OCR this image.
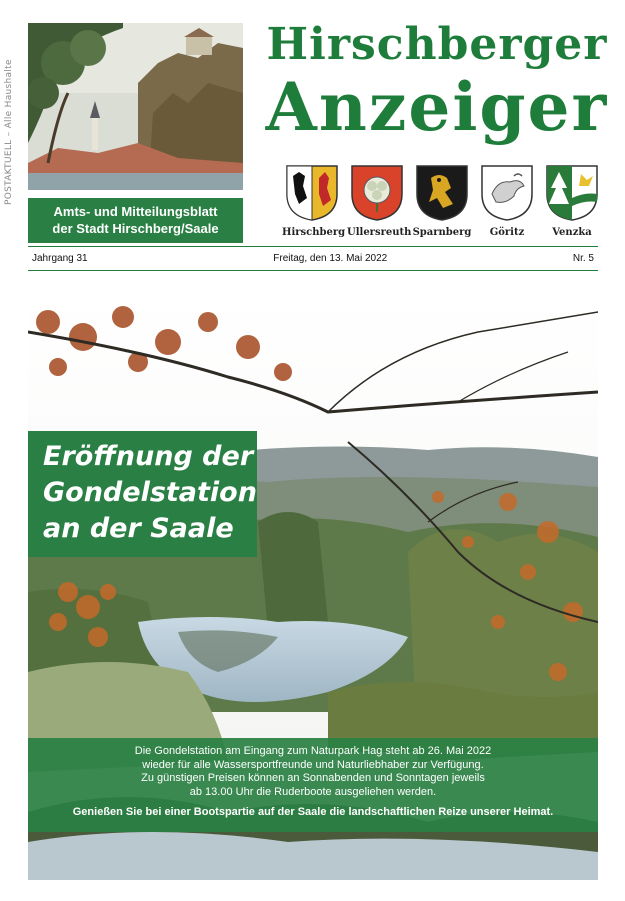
POSTAKTUELL – Alle Haushalte
Amts- und Mitteilungsblatt
der Stadt Hirschberg/Saale
Hirschberger
Anzeiger
Hirschberg Ullersreuth Sparnberg	Göritz	Venzka
Jahrgang 31	Freitag, den 13. Mai 2022	Nr. 5
Eröffnung der
Gondelstation
an der Saale
Die Gondelstation am Eingang zum Naturpark Hag steht ab 26. Mai 2022
wieder für alle Wassersportfreunde und Naturliebhaber zur Verfügung.
Zu günstigen Preisen können an Sonnabenden und Sonntagen jeweils
ab 13.00 Uhr die Ruderboote ausgeliehen werden.
Genießen Sie bei einer Bootspartie auf der Saale die landschaftlichen Reize unserer Heimat.
